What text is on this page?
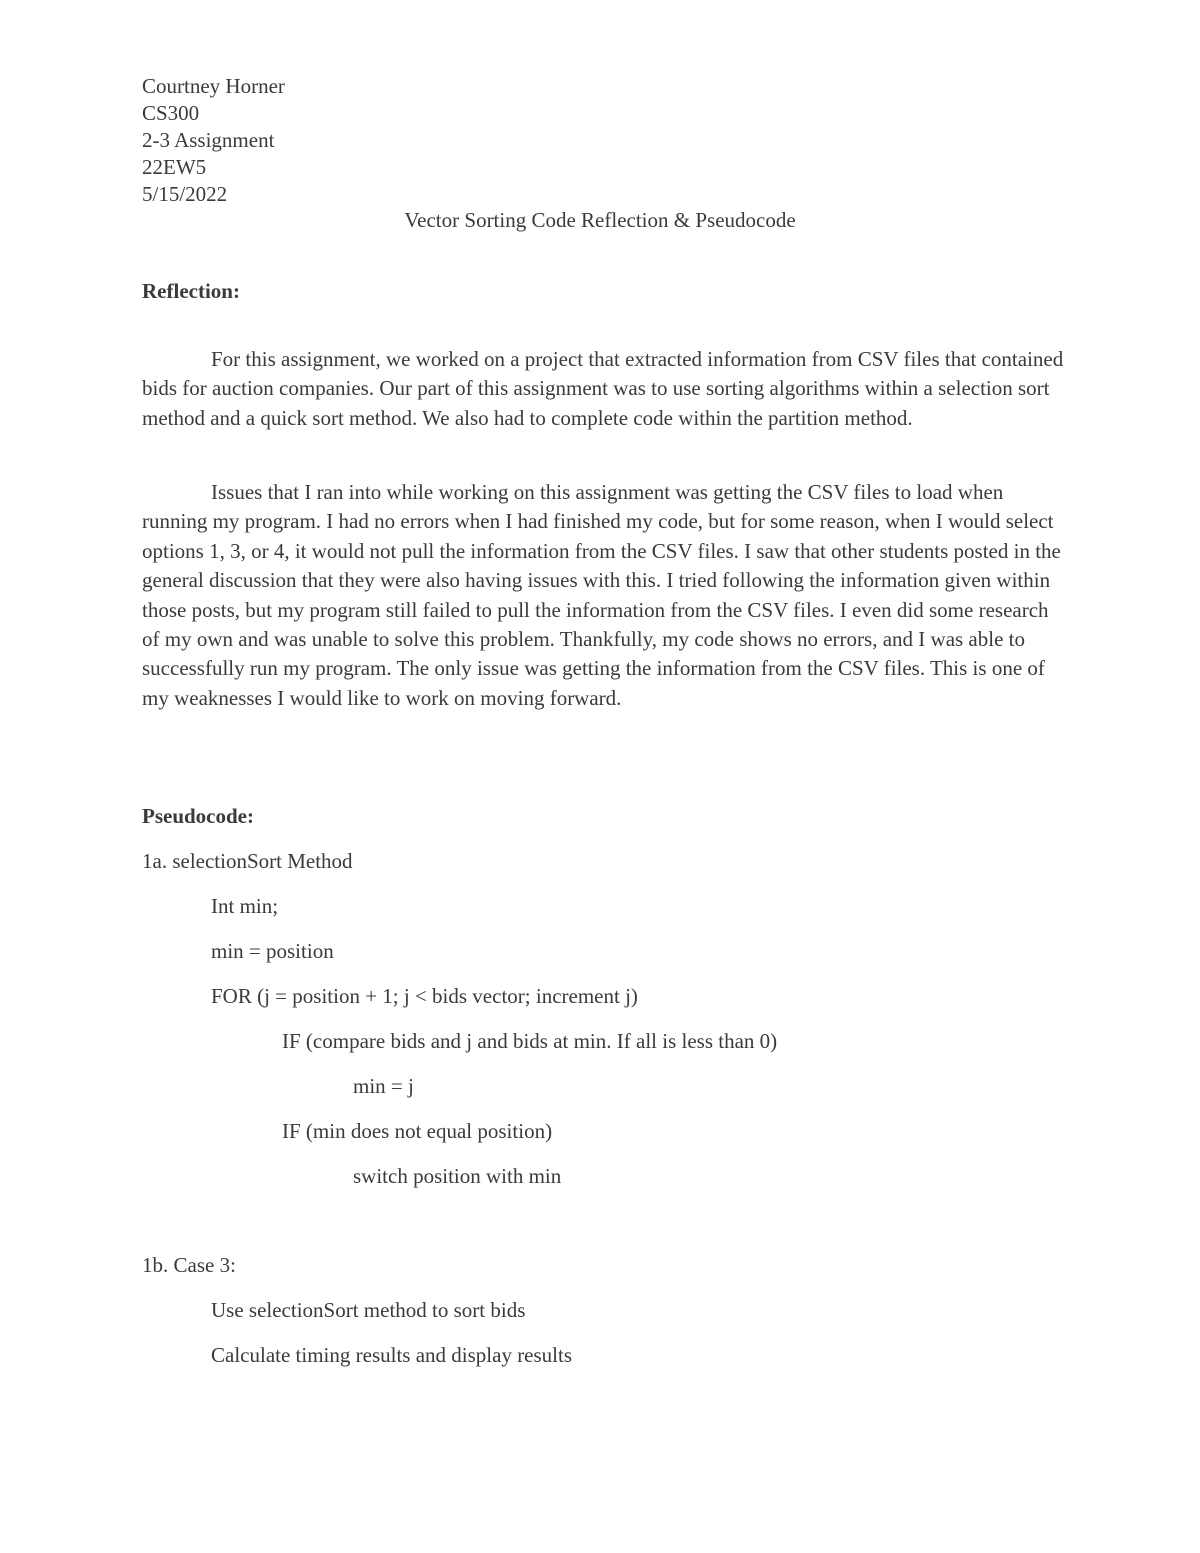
Courtney Horner
CS300
2-3 Assignment
22EW5
5/15/2022
Vector Sorting Code Reflection & Pseudocode
Reflection:
For this assignment, we worked on a project that extracted information from CSV files that contained bids for auction companies. Our part of this assignment was to use sorting algorithms within a selection sort method and a quick sort method. We also had to complete code within the partition method.
Issues that I ran into while working on this assignment was getting the CSV files to load when running my program. I had no errors when I had finished my code, but for some reason, when I would select options 1, 3, or 4, it would not pull the information from the CSV files. I saw that other students posted in the general discussion that they were also having issues with this. I tried following the information given within those posts, but my program still failed to pull the information from the CSV files. I even did some research of my own and was unable to solve this problem. Thankfully, my code shows no errors, and I was able to successfully run my program. The only issue was getting the information from the CSV files. This is one of my weaknesses I would like to work on moving forward.
Pseudocode:
1a. selectionSort Method
Int min;
min = position
FOR (j = position + 1; j < bids vector; increment j)
IF (compare bids and j and bids at min. If all is less than 0)
min = j
IF (min does not equal position)
switch position with min
1b. Case 3:
Use selectionSort method to sort bids
Calculate timing results and display results
